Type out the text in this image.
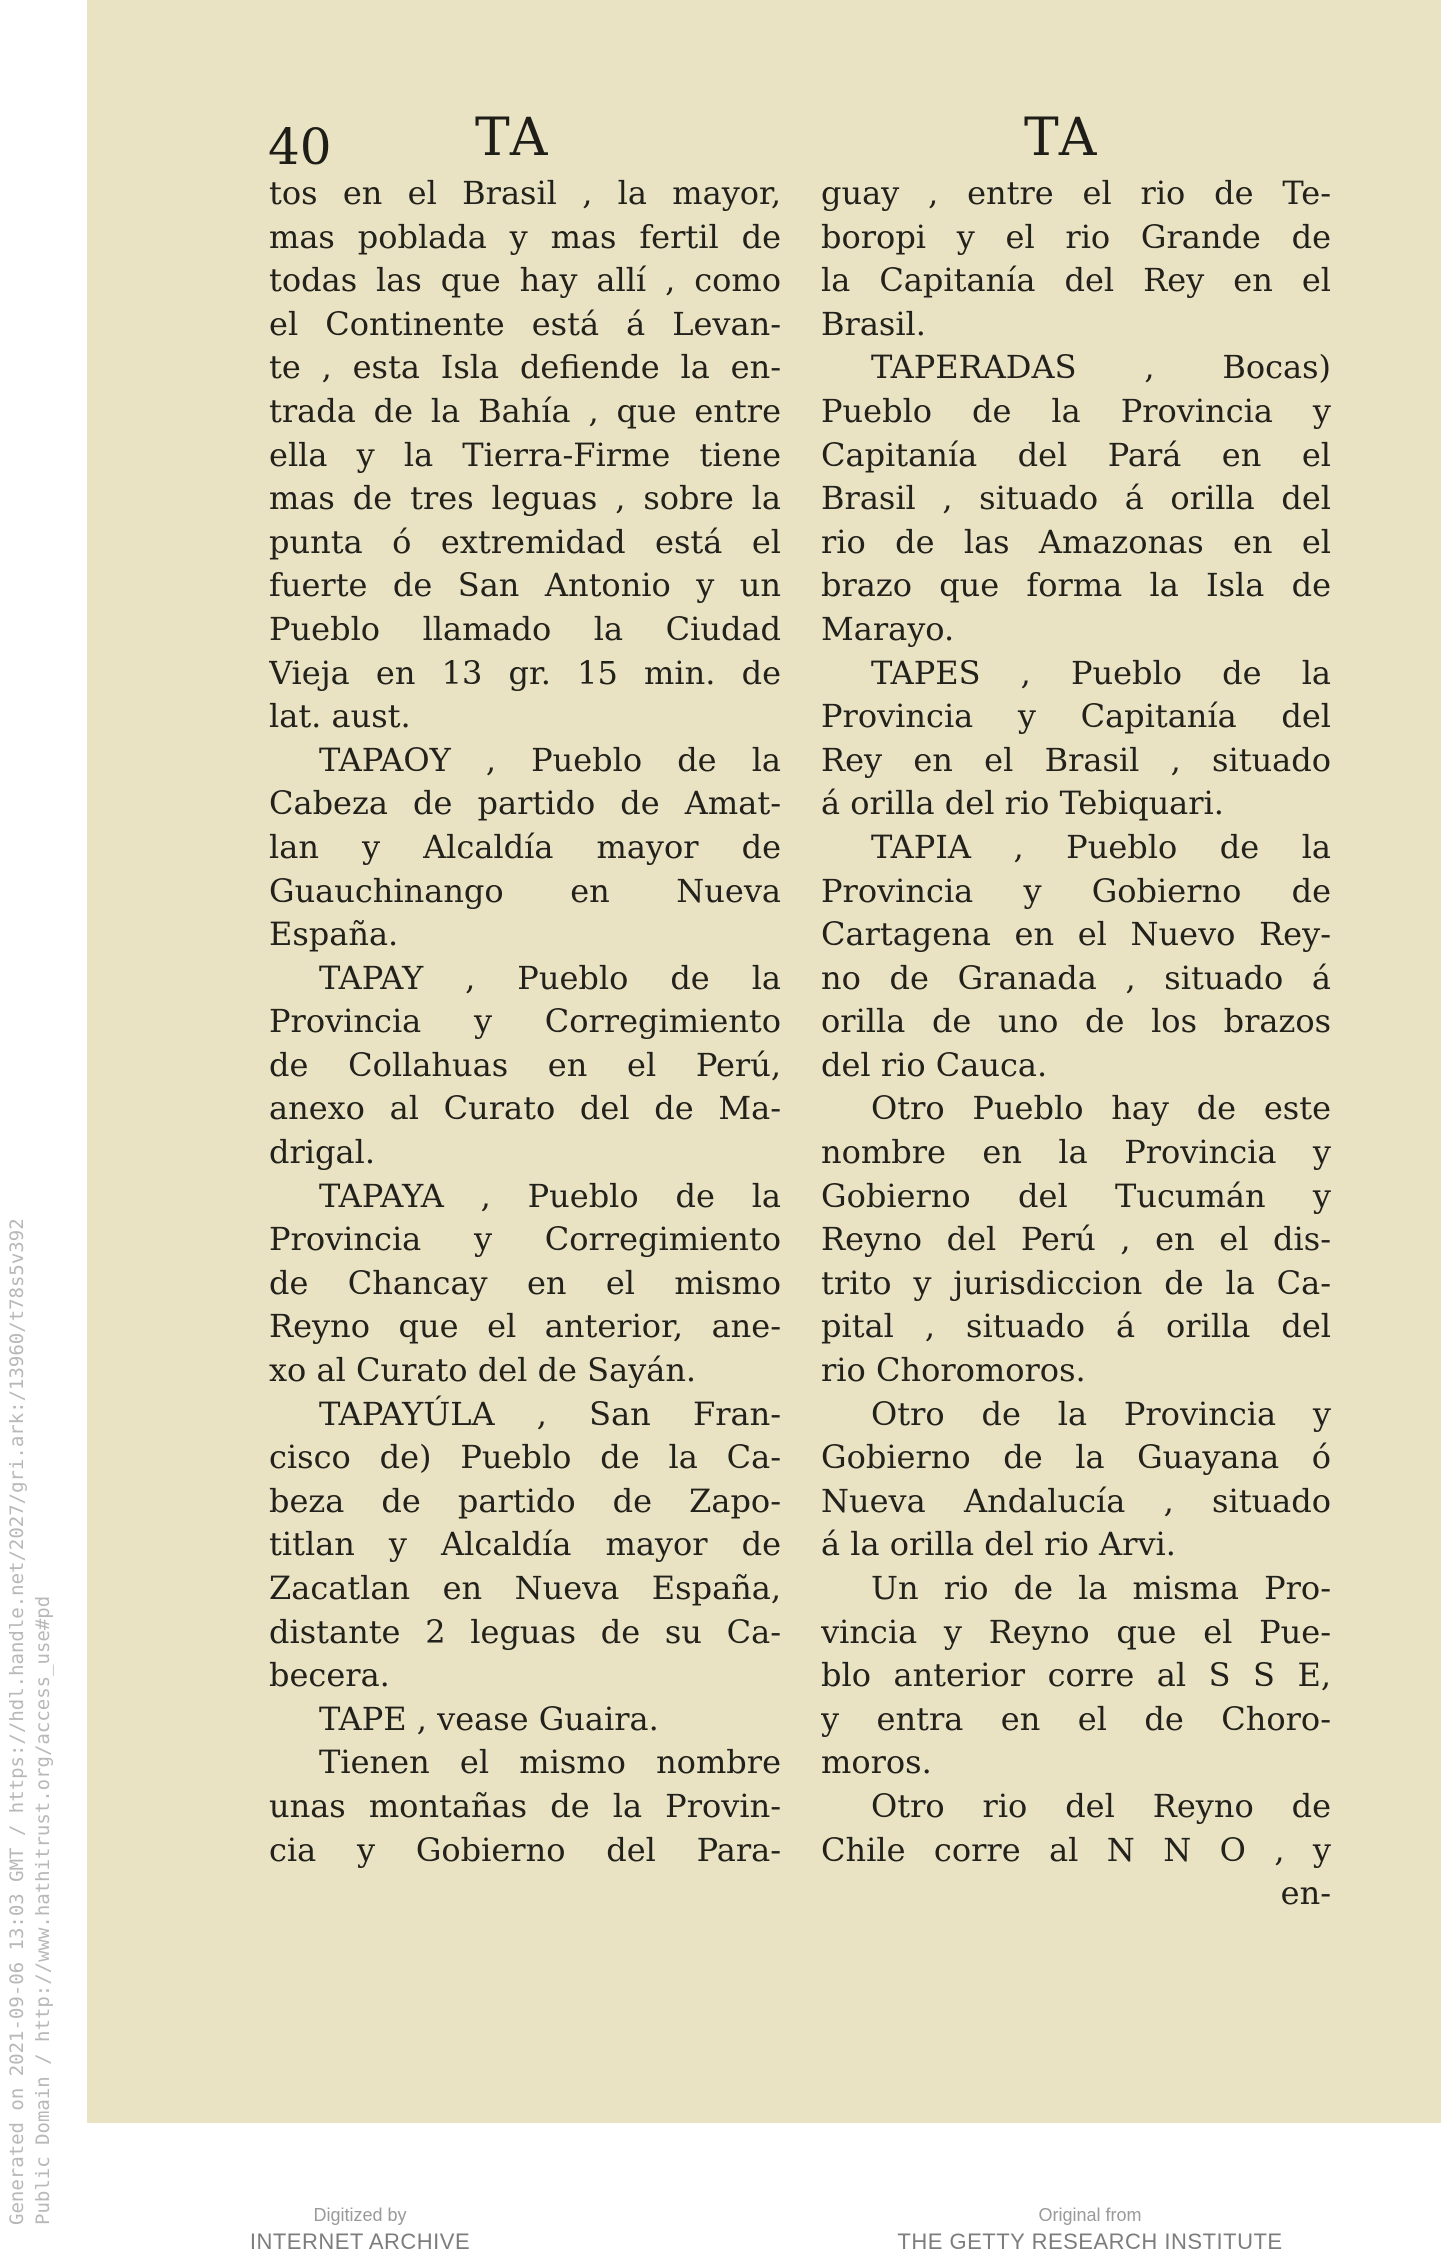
Generated on 2021-09-06 13:03 GMT / https://hdl.handle.net/2027/gri.ark:/13960/t78s5v392 Public Domain / http://www.hathitrust.org/access_use#pd
40	TA	TA
tos en el Brasil , la mayor,
mas poblada y mas fertil de
todas las que hay allí , como
el Continente está á Levan-
te , esta Isla defiende la en-
trada de la Bahía , que entre
ella y la Tierra-Firme tiene
mas de tres leguas , sobre la
punta ó extremidad está el
fuerte de San Antonio y un
Pueblo llamado la Ciudad
Vieja en 13 gr. 15 min. de
lat. aust.
TAPAOY , Pueblo de la
Cabeza de partido de Amat-
lan y Alcaldía mayor de
Guauchinango en Nueva
España.
TAPAY , Pueblo de la
Provincia y Corregimiento
de Collahuas en el Perú,
anexo al Curato del de Ma-
drigal.
TAPAYA , Pueblo de la
Provincia y Corregimiento
de Chancay en el mismo
Reyno que el anterior, ane-
xo al Curato del de Sayán.
TAPAYÚLA , San Fran-
cisco de) Pueblo de la Ca-
beza de partido de Zapo-
titlan y Alcaldía mayor de
Zacatlan en Nueva España,
distante 2 leguas de su Ca-
becera.
TAPE , vease Guaira.
Tienen el mismo nombre
unas montañas de la Provin-
cia y Gobierno del Para-
guay , entre el rio de Te-
boropi y el rio Grande de
la Capitanía del Rey en el
Brasil.
TAPERADAS , Bocas)
Pueblo de la Provincia y
Capitanía del Pará en el
Brasil , situado á orilla del
rio de las Amazonas en el
brazo que forma la Isla de
Marayo.
TAPES , Pueblo de la
Provincia y Capitanía del
Rey en el Brasil , situado
á orilla del rio Tebiquari.
TAPIA , Pueblo de la
Provincia y Gobierno de
Cartagena en el Nuevo Rey-
no de Granada , situado á
orilla de uno de los brazos
del rio Cauca.
Otro Pueblo hay de este
nombre en la Provincia y
Gobierno del Tucumán y
Reyno del Perú , en el dis-
trito y jurisdiccion de la Ca-
pital , situado á orilla del
rio Choromoros.
Otro de la Provincia y
Gobierno de la Guayana ó
Nueva Andalucía , situado
á la orilla del rio Arvi.
Un rio de la misma Pro-
vincia y Reyno que el Pue-
blo anterior corre al S S E,
y entra en el de Choro-
moros.
Otro rio del Reyno de
Chile corre al N N O , y
en-
Digitized by
INTERNET ARCHIVE
Original from
THE GETTY RESEARCH INSTITUTE
